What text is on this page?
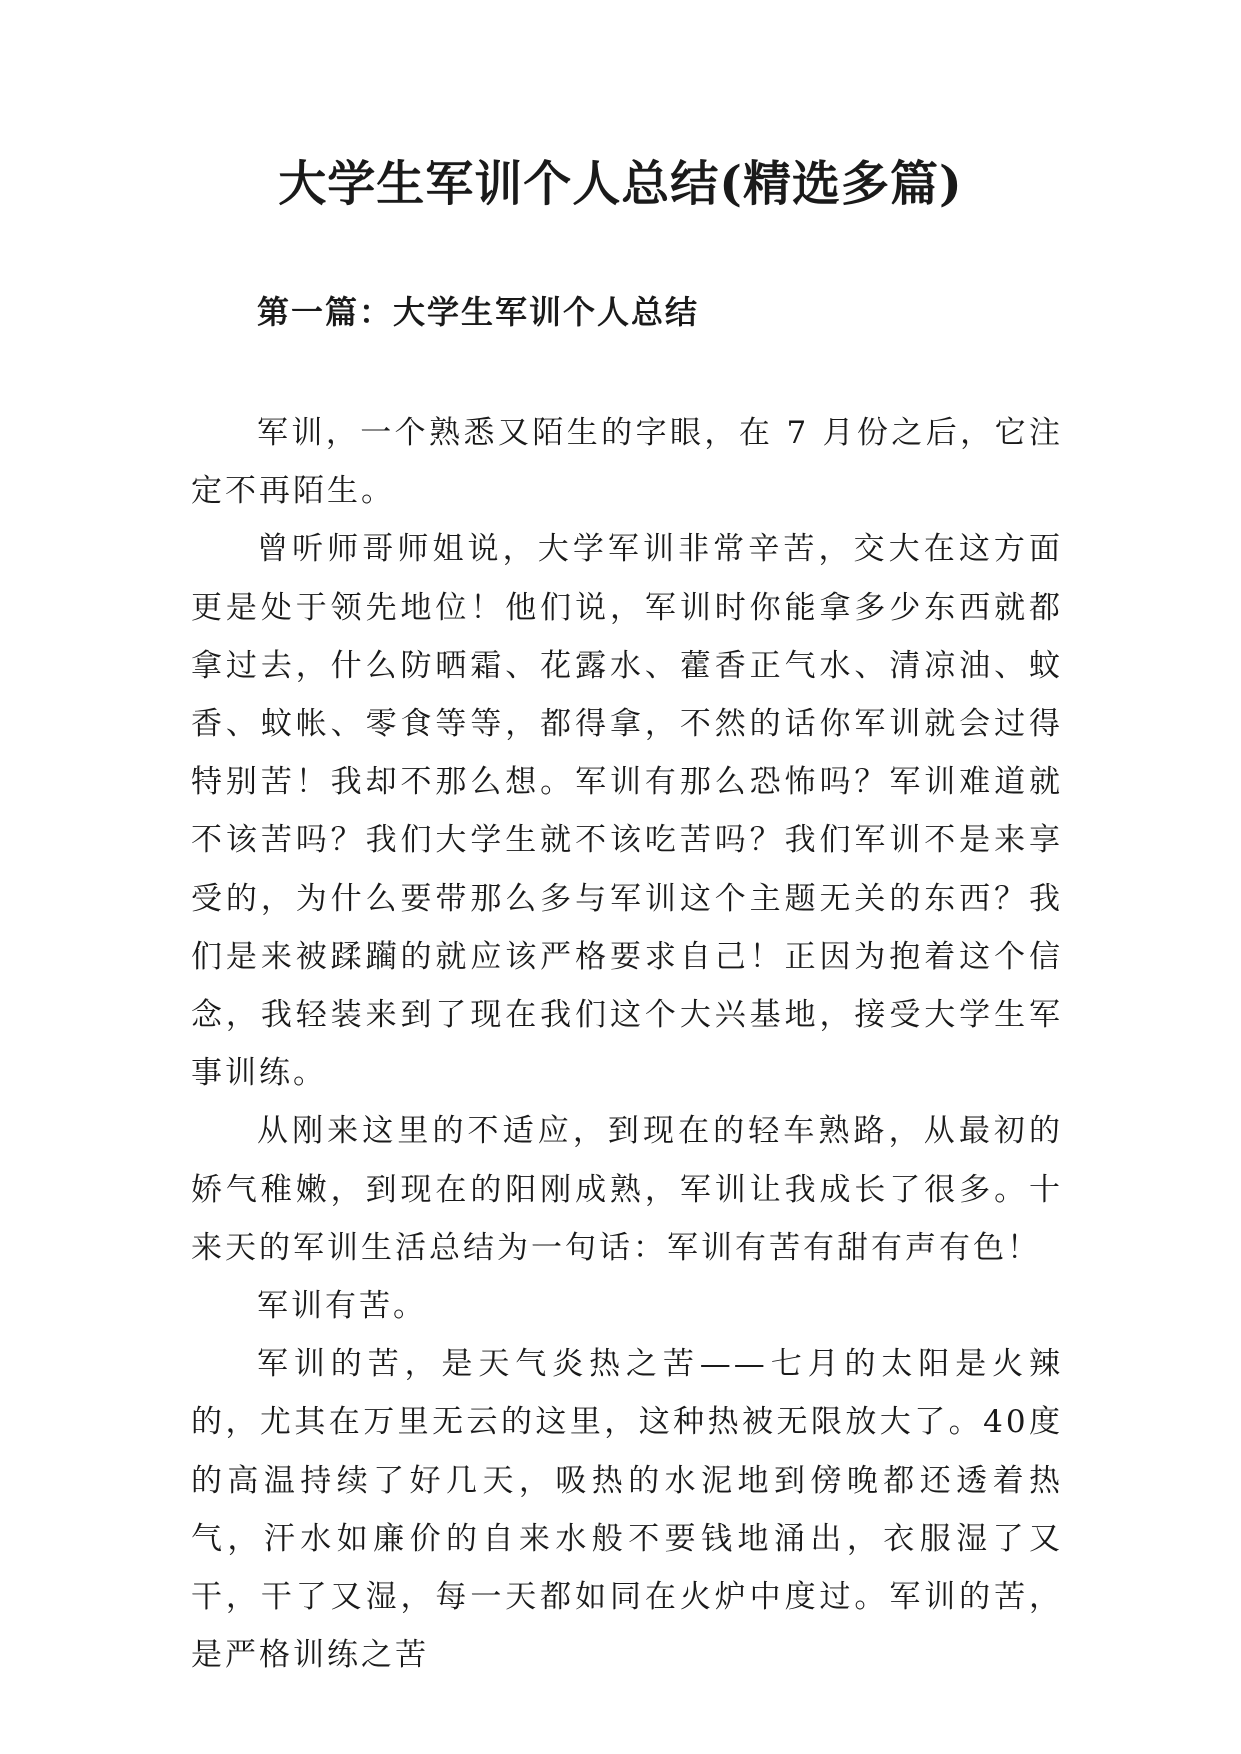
大学生军训个人总结(精选多篇)
第一篇：大学生军训个人总结

军训，一个熟悉又陌生的字眼，在 7 月份之后，它注定不再陌生。

曾听师哥师姐说，大学军训非常辛苦，交大在这方面更是处于领先地位！他们说，军训时你能拿多少东西就都拿过去，什么防晒霜、花露水、藿香正气水、清凉油、蚊香、蚊帐、零食等等，都得拿，不然的话你军训就会过得特别苦！我却不那么想。军训有那么恐怖吗？军训难道就不该苦吗？我们大学生就不该吃苦吗？我们军训不是来享受的，为什么要带那么多与军训这个主题无关的东西？我们是来被蹂躏的就应该严格要求自己！正因为抱着这个信念，我轻装来到了现在我们这个大兴基地，接受大学生军事训练。

从刚来这里的不适应，到现在的轻车熟路，从最初的娇气稚嫩，到现在的阳刚成熟，军训让我成长了很多。十来天的军训生活总结为一句话：军训有苦有甜有声有色！

军训有苦。

军训的苦，是天气炎热之苦——七月的太阳是火辣的，尤其在万里无云的这里，这种热被无限放大了。40度的高温持续了好几天，吸热的水泥地到傍晚都还透着热气，汗水如廉价的自来水般不要钱地涌出，衣服湿了又干，干了又湿，每一天都如同在火炉中度过。军训的苦，是严格训练之苦
